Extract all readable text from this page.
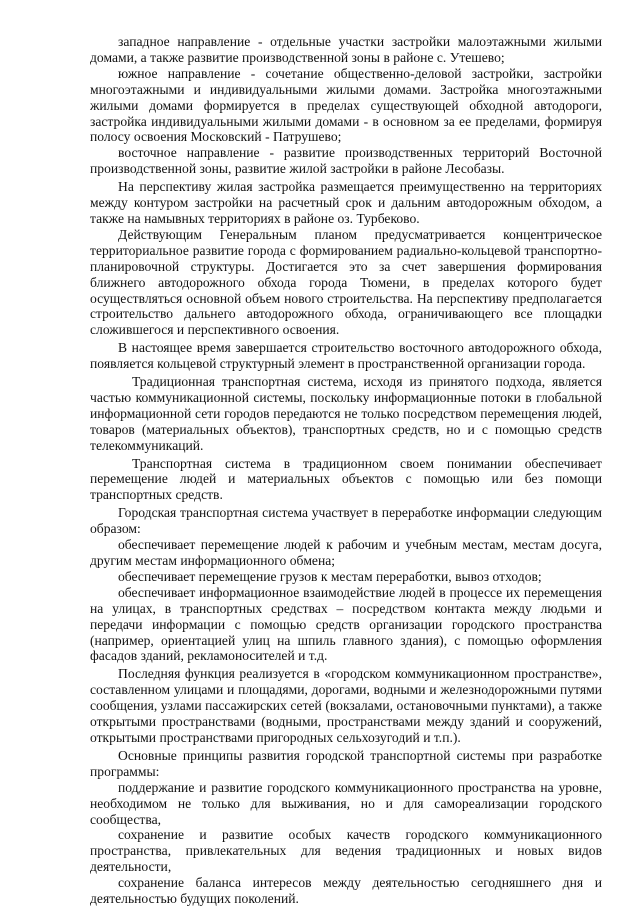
западное направление - отдельные участки застройки малоэтажными жилыми домами, а также развитие производственной зоны в районе с. Утешево;

южное направление - сочетание общественно-деловой застройки, застройки многоэтажными и индивидуальными жилыми домами. Застройка многоэтажными жилыми домами формируется в пределах существующей обходной автодороги, застройка индивидуальными жилыми домами - в основном за ее пределами, формируя полосу освоения Московский - Патрушево;

восточное направление - развитие производственных территорий Восточной производственной зоны, развитие жилой застройки в районе Лесобазы.

На перспективу жилая застройка размещается преимущественно на территориях между контуром застройки на расчетный срок и дальним автодорожным обходом, а также на намывных территориях в районе оз. Турбеково.

Действующим Генеральным планом предусматривается концентрическое территориальное развитие города с формированием радиально-кольцевой транспортно-планировочной структуры. Достигается это за счет завершения формирования ближнего автодорожного обхода города Тюмени, в пределах которого будет осуществляться основной объем нового строительства. На перспективу предполагается строительство дальнего автодорожного обхода, ограничивающего все площадки сложившегося и перспективного освоения.

В настоящее время завершается строительство восточного автодорожного обхода, появляется кольцевой структурный элемент в пространственной организации города.

Традиционная транспортная система, исходя из принятого подхода, является частью коммуникационной системы, поскольку информационные потоки в глобальной информационной сети городов передаются не только посредством перемещения людей, товаров (материальных объектов), транспортных средств, но и с помощью средств телекоммуникаций.

Транспортная система в традиционном своем понимании обеспечивает перемещение людей и материальных объектов с помощью или без помощи транспортных средств.

Городская транспортная система участвует в переработке информации следующим образом:

обеспечивает перемещение людей к рабочим и учебным местам, местам досуга, другим местам информационного обмена;

обеспечивает перемещение грузов к местам переработки, вывоз отходов;

обеспечивает информационное взаимодействие людей в процессе их перемещения на улицах, в транспортных средствах – посредством контакта между людьми и передачи информации с помощью средств организации городского пространства (например, ориентацией улиц на шпиль главного здания), с помощью оформления фасадов зданий, рекламоносителей и т.д.

Последняя функция реализуется в «городском коммуникационном пространстве», составленном улицами и площадями, дорогами, водными и железнодорожными путями сообщения, узлами пассажирских сетей (вокзалами, остановочными пунктами), а также открытыми пространствами (водными, пространствами между зданий и сооружений, открытыми пространствами пригородных сельхозугодий и т.п.).

Основные принципы развития городской транспортной системы при разработке программы:

поддержание и развитие городского коммуникационного пространства на уровне, необходимом не только для выживания, но и для самореализации городского сообщества,

сохранение и развитие особых качеств городского коммуникационного пространства, привлекательных для ведения традиционных и новых видов деятельности,

сохранение баланса интересов между деятельностью сегодняшнего дня и деятельностью будущих поколений.
